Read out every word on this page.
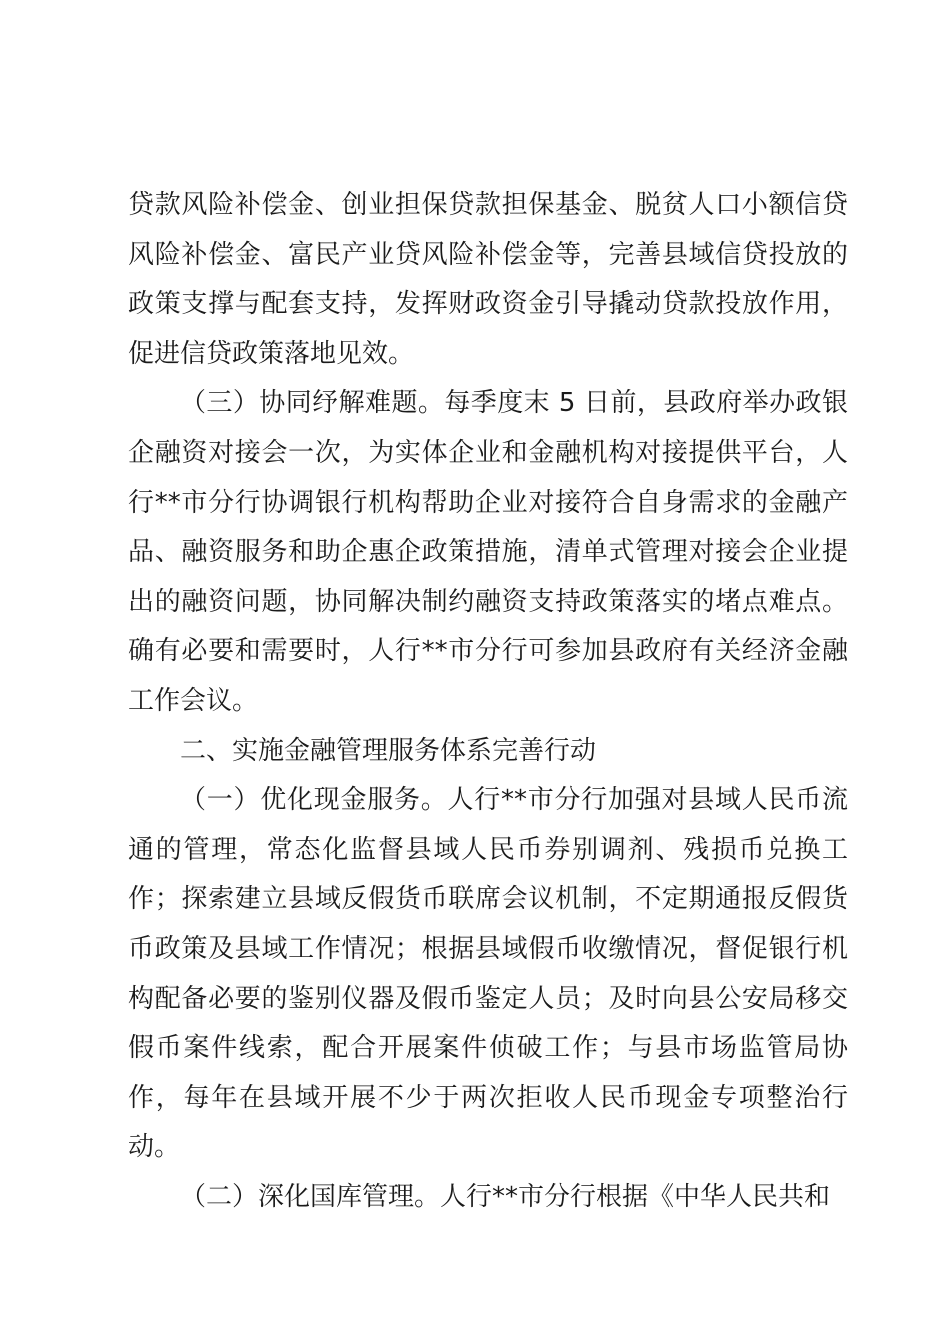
贷款风险补偿金、创业担保贷款担保基金、脱贫人口小额信贷风险补偿金、富民产业贷风险补偿金等，完善县域信贷投放的政策支撑与配套支持，发挥财政资金引导撬动贷款投放作用，促进信贷政策落地见效。

（三）协同纾解难题。每季度末 5 日前，县政府举办政银企融资对接会一次，为实体企业和金融机构对接提供平台，人行**市分行协调银行机构帮助企业对接符合自身需求的金融产品、融资服务和助企惠企政策措施，清单式管理对接会企业提出的融资问题，协同解决制约融资支持政策落实的堵点难点。确有必要和需要时，人行**市分行可参加县政府有关经济金融工作会议。

二、实施金融管理服务体系完善行动

（一）优化现金服务。人行**市分行加强对县域人民币流通的管理，常态化监督县域人民币券别调剂、残损币兑换工作；探索建立县域反假货币联席会议机制，不定期通报反假货币政策及县域工作情况；根据县域假币收缴情况，督促银行机构配备必要的鉴别仪器及假币鉴定人员；及时向县公安局移交假币案件线索，配合开展案件侦破工作；与县市场监管局协作，每年在县域开展不少于两次拒收人民币现金专项整治行动。

（二）深化国库管理。人行**市分行根据《中华人民共和
